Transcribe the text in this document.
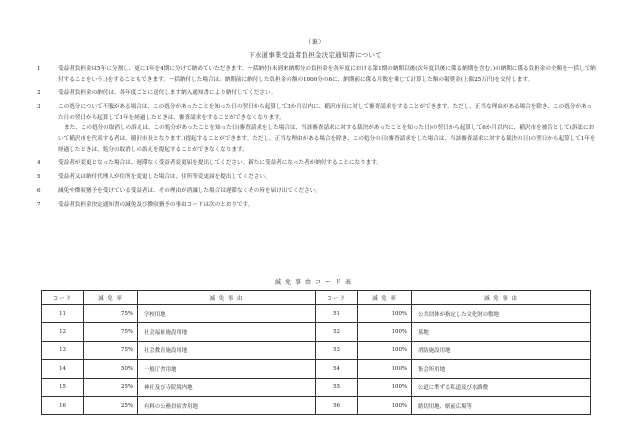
（裏）
下水道事業受益者負担金決定通知書について
1	受益者負担金は5年に分割し、更に1年を4期に分けて納めていただきます。一括納付(未到来納期分の負担金を各年度における第1期の納期以後(次年度以後に係る納期を含む。)の納期に係る負担金の全額を一括して納付することをいう。)をすることもできます。一括納付した場合は、納期前に納付した負担金の額の1000分の6に、納期前に係る月数を乗じて計算した額の報奨金(上限25万円)を交付します。
2	受益者負担金の納付は、各年度ごとに送付します納入通知書により納付してください。
3	この処分について不服がある場合は、この処分があったことを知った日の翌日から起算して3か月以内に、稲沢市長に対して審査請求をすることができます。ただし、正当な理由がある場合を除き、この処分があった日の翌日から起算して1年を経過したときは、審査請求をすることができなくなります。
また、この処分の取消しの訴えは、この処分があったことを知った日(審査請求をした場合は、当該審査請求に対する裁決があったことを知った日)の翌日から起算して6か月以内に、稲沢市を被告として(訴訟において稲沢市を代表する者は、稲沢市長となります。)提起することができます。ただし、正当な理由がある場合を除き、この処分の日(審査請求をした場合は、当該審査請求に対する裁決の日)の翌日から起算して1年を経過したときは、処分の取消しの訴えを提起することができなくなります。
4	受益者が変更となった場合は、遅滞なく受益者変更届を提出してください。新たに受益者になった者が納付することになります。
5	受益者又は納付代理人が住所を変更した場合は、住所等変更届を提出してください。
6	減免や徴収猶予を受けている受益者は、その理由が消滅した場合は遅滞なくその旨を届け出てください。
7	受益者負担金決定通知書の減免及び徴収猶予の事由コードは次のとおりです。
減免事由コード表
コード	減 免 率	減 免 事 由	コード	減 免 率	減 免 事 由
11	75%	学校用地	51	100%	公共団体が指定した文化財の敷地
12	75%	社会福祉施設用地	52	100%	墓地
13	75%	社会教育施設用地	53	100%	消防施設用地
14	50%	一般庁舎用地	54	100%	集会所用地
15	25%	神社及び寺院境内地	55	100%	公道に準ずる私道及び水路敷
16	25%	有料の公務員宿舎用地	56	100%	踏切用地、駅前広場等
